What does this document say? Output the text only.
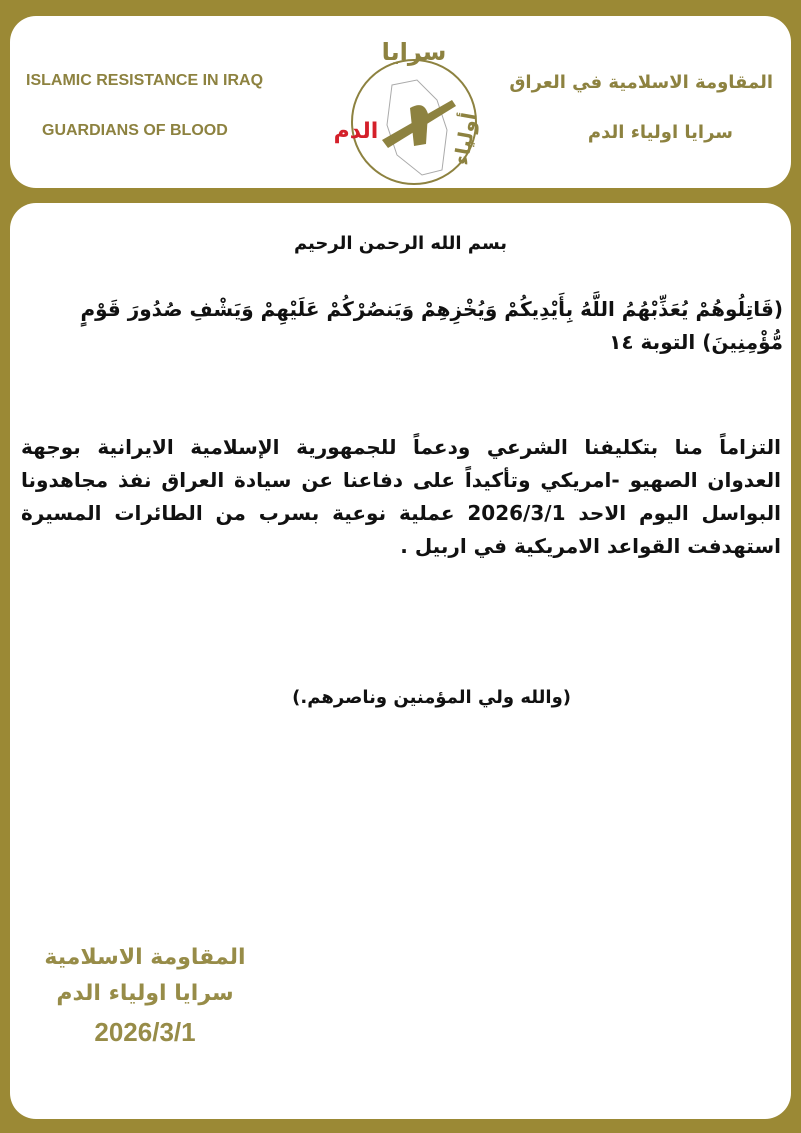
ISLAMIC RESISTANCE IN IRAQ
GUARDIANS OF BLOOD
سرايا
أولياء
الدم
المقاومة الاسلامية في العراق
سرايا اولياء الدم
بسم الله الرحمن الرحيم
(قَاتِلُوهُمْ يُعَذِّبْهُمُ اللَّهُ بِأَيْدِيكُمْ وَيُخْزِهِمْ وَيَنصُرْكُمْ عَلَيْهِمْ وَيَشْفِ صُدُورَ قَوْمٍ مُّؤْمِنِينَ) التوبة ١٤
التزاماً منا بتكليفنا الشرعي ودعماً للجمهورية الإسلامية الايرانية بوجهة العدوان الصهيو -امريكي وتأكيداً على دفاعنا عن سيادة العراق نفذ مجاهدونا البواسل اليوم الاحد 2026/3/1 عملية نوعية بسرب من الطائرات المسيرة استهدفت القواعد الامريكية في اربيل .
(والله ولي المؤمنين وناصرهم.)
المقاومة الاسلامية
سرايا اولياء الدم
2026/3/1
